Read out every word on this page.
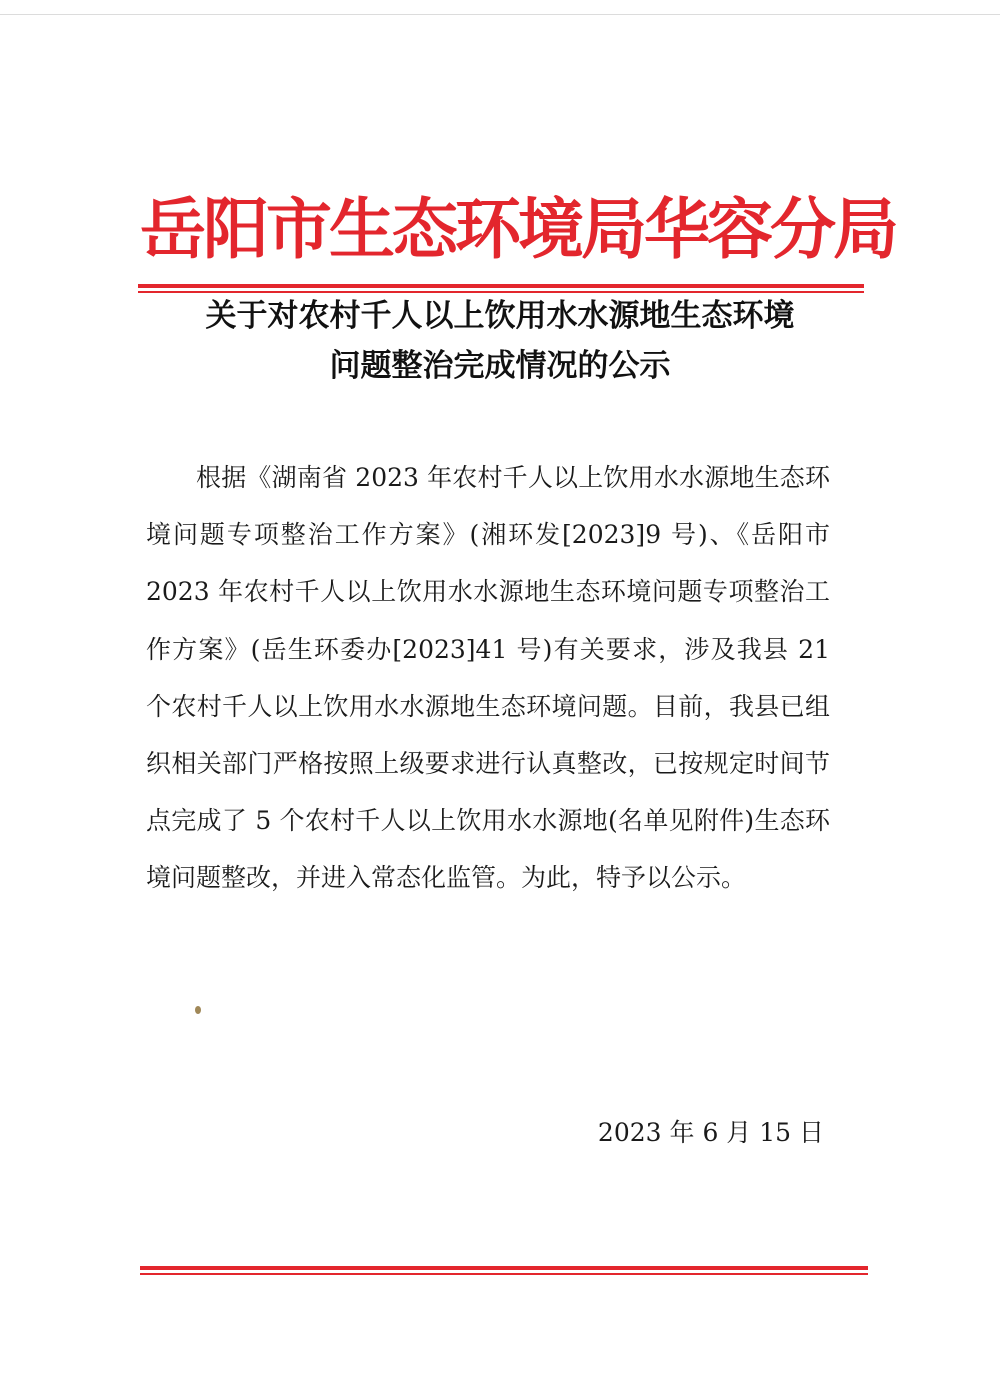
岳阳市生态环境局华容分局
关于对农村千人以上饮用水水源地生态环境
问题整治完成情况的公示

根据《湖南省 2023 年农村千人以上饮用水水源地生态环境问题专项整治工作方案》(湘环发[2023]9 号)、《岳阳市 2023 年农村千人以上饮用水水源地生态环境问题专项整治工作方案》(岳生环委办[2023]41 号)有关要求，涉及我县 21 个农村千人以上饮用水水源地生态环境问题。目前，我县已组织相关部门严格按照上级要求进行认真整改，已按规定时间节点完成了 5 个农村千人以上饮用水水源地(名单见附件)生态环境问题整改，并进入常态化监管。为此，特予以公示。

2023 年 6 月 15 日
